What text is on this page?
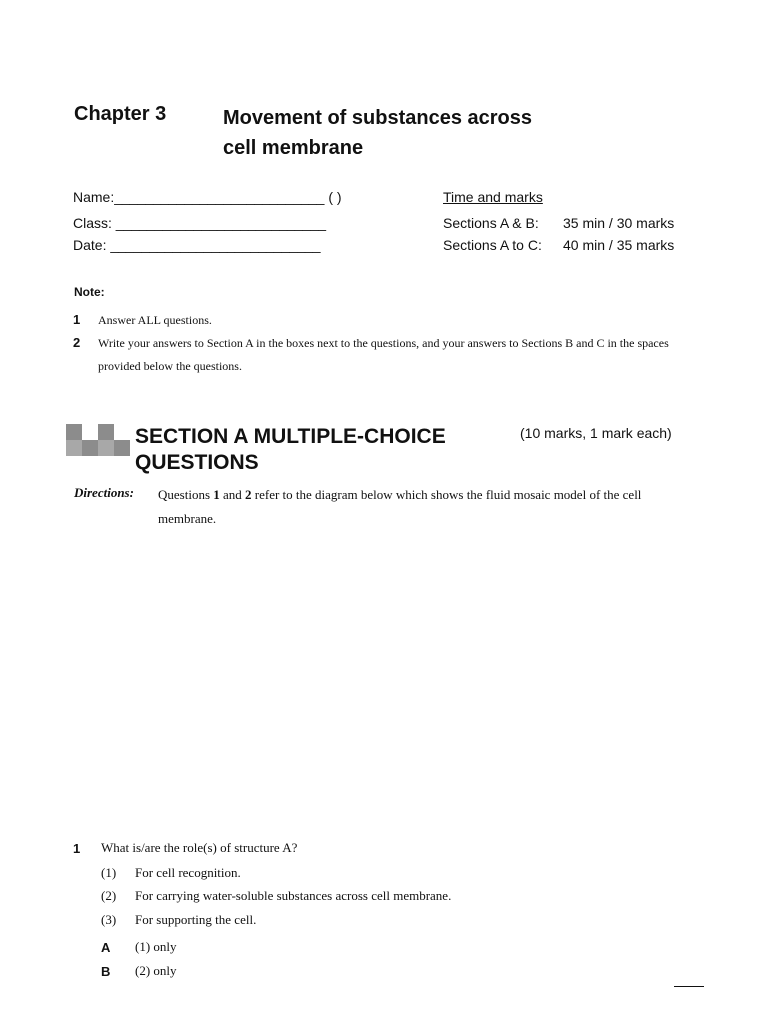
Chapter 3	Movement of substances across
cell membrane
Name:___________________________ ( )
Class: ___________________________
Date: ___________________________
Time and marks
Sections A & B: 35 min / 30 marks
Sections A to C: 40 min / 35 marks
Note:
1 Answer ALL questions.
2 Write your answers to Section A in the boxes next to the questions, and your answers to Sections B and C in the spaces provided below the questions.
SECTION A MULTIPLE-CHOICE QUESTIONS
(10 marks, 1 mark each)
Directions: Questions 1 and 2 refer to the diagram below which shows the fluid mosaic model of the cell membrane.
1 What is/are the role(s) of structure A?
(1) For cell recognition.
(2) For carrying water-soluble substances across cell membrane.
(3) For supporting the cell.
A (1) only
B (2) only
